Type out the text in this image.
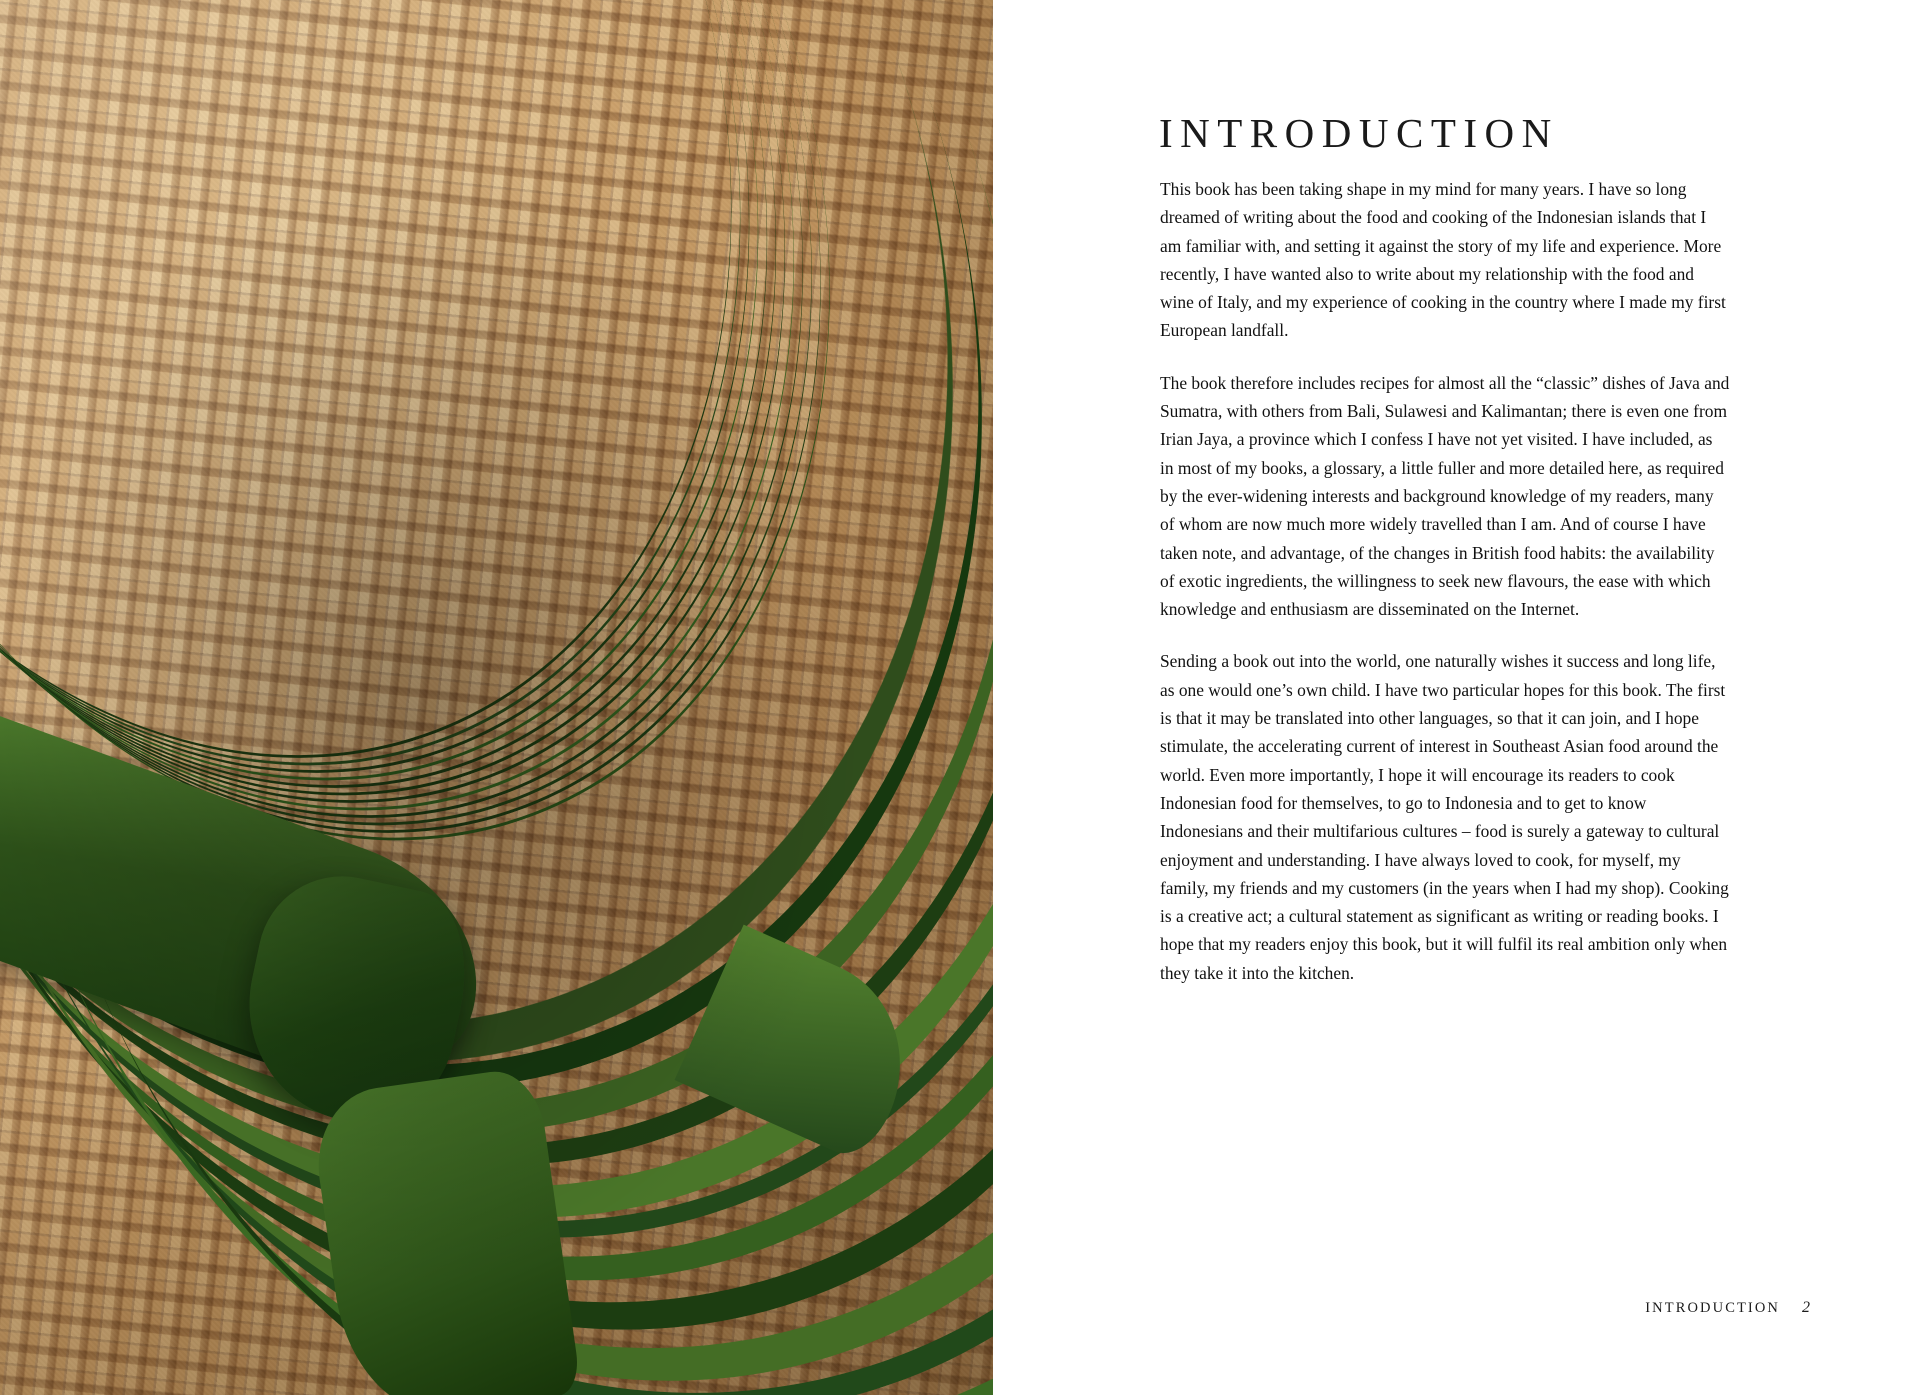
INTRODUCTION

This book has been taking shape in my mind for many years. I have so long dreamed of writing about the food and cooking of the Indonesian islands that I am familiar with, and setting it against the story of my life and experience. More recently, I have wanted also to write about my relationship with the food and wine of Italy, and my experience of cooking in the country where I made my first European landfall.

The book therefore includes recipes for almost all the “classic” dishes of Java and Sumatra, with others from Bali, Sulawesi and Kalimantan; there is even one from Irian Jaya, a province which I confess I have not yet visited. I have included, as in most of my books, a glossary, a little fuller and more detailed here, as required by the ever-widening interests and background knowledge of my readers, many of whom are now much more widely travelled than I am. And of course I have taken note, and advantage, of the changes in British food habits: the availability of exotic ingredients, the willingness to seek new flavours, the ease with which knowledge and enthusiasm are disseminated on the Internet.

Sending a book out into the world, one naturally wishes it success and long life, as one would one’s own child. I have two particular hopes for this book. The first is that it may be translated into other languages, so that it can join, and I hope stimulate, the accelerating current of interest in Southeast Asian food around the world. Even more importantly, I hope it will encourage its readers to cook Indonesian food for themselves, to go to Indonesia and to get to know Indonesians and their multifarious cultures – food is surely a gateway to cultural enjoyment and understanding. I have always loved to cook, for myself, my family, my friends and my customers (in the years when I had my shop). Cooking is a creative act; a cultural statement as significant as writing or reading books. I hope that my readers enjoy this book, but it will fulfil its real ambition only when they take it into the kitchen.

INTRODUCTION 2
